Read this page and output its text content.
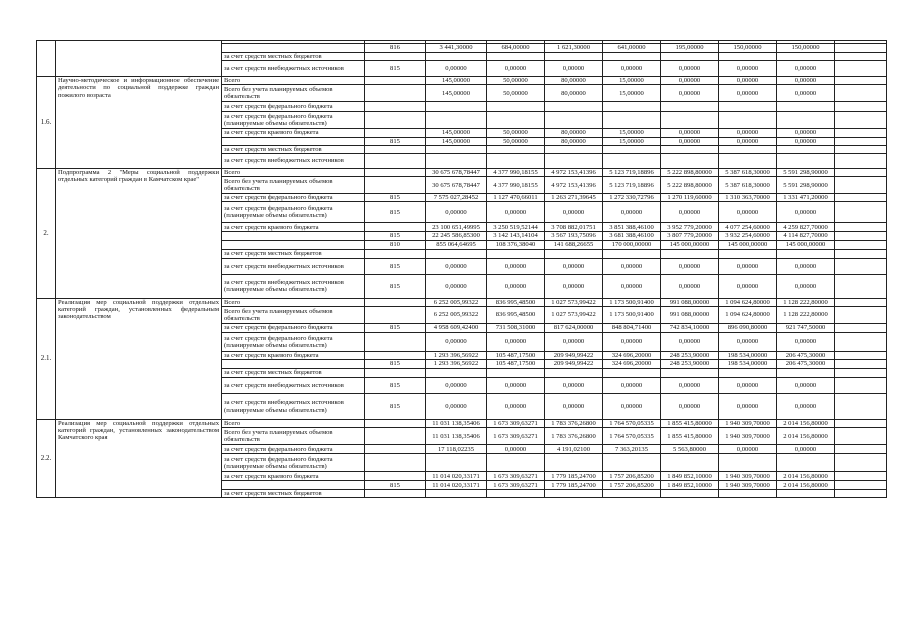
			816	3 441,30000	684,00000	1 621,30000	641,00000	195,00000	150,00000	150,00000	
		за счет средств местных бюджетов									
		за счет средств внебюджетных источников	815	0,00000	0,00000	0,00000	0,00000	0,00000	0,00000	0,00000	
1.6.	Научно-методическое и информационное обеспечение деятельности по социальной поддержке граждан пожилого возраста	Всего		145,00000	50,00000	80,00000	15,00000	0,00000	0,00000	0,00000	
		Всего без учета планируемых объемов обязательств		145,00000	50,00000	80,00000	15,00000	0,00000	0,00000	0,00000	
		за счет средств федерального бюджета									
		за счет средств федерального бюджета (планируемые объемы обязательств)									
		за счет средств краевого бюджета		145,00000	50,00000	80,00000	15,00000	0,00000	0,00000	0,00000	
			815	145,00000	50,00000	80,00000	15,00000	0,00000	0,00000	0,00000	
		за счет средств местных бюджетов									
		за счет средств внебюджетных источников									
2.	Подпрограмма 2 "Меры социальной поддержки отдельных категорий граждан в Камчатском крае"	Всего		30 675 678,78447	4 377 990,18155	4 972 153,41396	5 123 719,18896	5 222 898,80000	5 387 618,30000	5 591 298,90000	
		Всего без учета планируемых объемов обязательств		30 675 678,78447	4 377 990,18155	4 972 153,41396	5 123 719,18896	5 222 898,80000	5 387 618,30000	5 591 298,90000	
		за счет средств федерального бюджета	815	7 575 027,28452	1 127 470,66011	1 263 271,39645	1 272 330,72796	1 270 119,60000	1 310 363,70000	1 331 471,20000	
		за счет средств федерального бюджета (планируемые объемы обязательств)	815	0,00000	0,00000	0,00000	0,00000	0,00000	0,00000	0,00000	
		за счет средств краевого бюджета		23 100 651,49995	3 250 519,52144	3 708 882,01751	3 851 388,46100	3 952 779,20000	4 077 254,60000	4 259 827,70000	
			815	22 245 586,85300	3 142 143,14104	3 567 193,75096	3 681 388,46100	3 807 779,20000	3 932 254,60000	4 114 827,70000	
			810	855 064,64695	108 376,38040	141 688,26655	170 000,00000	145 000,00000	145 000,00000	145 000,00000	
		за счет средств местных бюджетов									
		за счет средств внебюджетных источников	815	0,00000	0,00000	0,00000	0,00000	0,00000	0,00000	0,00000	
		за счет средств внебюджетных источников (планируемые объемы обязательств)	815	0,00000	0,00000	0,00000	0,00000	0,00000	0,00000	0,00000	
2.1.	Реализация мер социальной поддержки отдельных категорий граждан, установленных федеральным законодательством	Всего		6 252 005,99322	836 995,48500	1 027 573,99422	1 173 500,91400	991 088,00000	1 094 624,80000	1 128 222,80000	
		Всего без учета планируемых объемов обязательств		6 252 005,99322	836 995,48500	1 027 573,99422	1 173 500,91400	991 088,00000	1 094 624,80000	1 128 222,80000	
		за счет средств федерального бюджета	815	4 958 609,42400	731 508,31000	817 624,00000	848 804,71400	742 834,10000	896 090,80000	921 747,50000	
		за счет средств федерального бюджета (планируемые объемы обязательств)		0,00000	0,00000	0,00000	0,00000	0,00000	0,00000	0,00000	
		за счет средств краевого бюджета		1 293 396,56922	105 487,17500	209 949,99422	324 696,20000	248 253,90000	198 534,00000	206 475,30000	
			815	1 293 396,56922	105 487,17500	209 949,99422	324 696,20000	248 253,90000	198 534,00000	206 475,30000	
		за счет средств местных бюджетов									
		за счет средств внебюджетных источников	815	0,00000	0,00000	0,00000	0,00000	0,00000	0,00000	0,00000	
		за счет средств внебюджетных источников (планируемые объемы обязательств)	815	0,00000	0,00000	0,00000	0,00000	0,00000	0,00000	0,00000	
2.2.	Реализация мер социальной поддержки отдельных категорий граждан, установленных законодательством Камчатского края	Всего		11 031 138,35406	1 673 309,63271	1 783 376,26800	1 764 570,05335	1 855 415,80000	1 940 309,70000	2 014 156,80000	
		Всего без учета планируемых объемов обязательств		11 031 138,35406	1 673 309,63271	1 783 376,26800	1 764 570,05335	1 855 415,80000	1 940 309,70000	2 014 156,80000	
		за счет средств федерального бюджета		17 118,02235	0,00000	4 191,02100	7 363,20135	5 563,80000	0,00000	0,00000	
		за счет средств федерального бюджета (планируемые объемы обязательств)									
		за счет средств краевого бюджета		11 014 020,33171	1 673 309,63271	1 779 185,24700	1 757 206,85200	1 849 852,10000	1 940 309,70000	2 014 156,80000	
			815	11 014 020,33171	1 673 309,63271	1 779 185,24700	1 757 206,85200	1 849 852,10000	1 940 309,70000	2 014 156,80000	
		за счет средств местных бюджетов									
